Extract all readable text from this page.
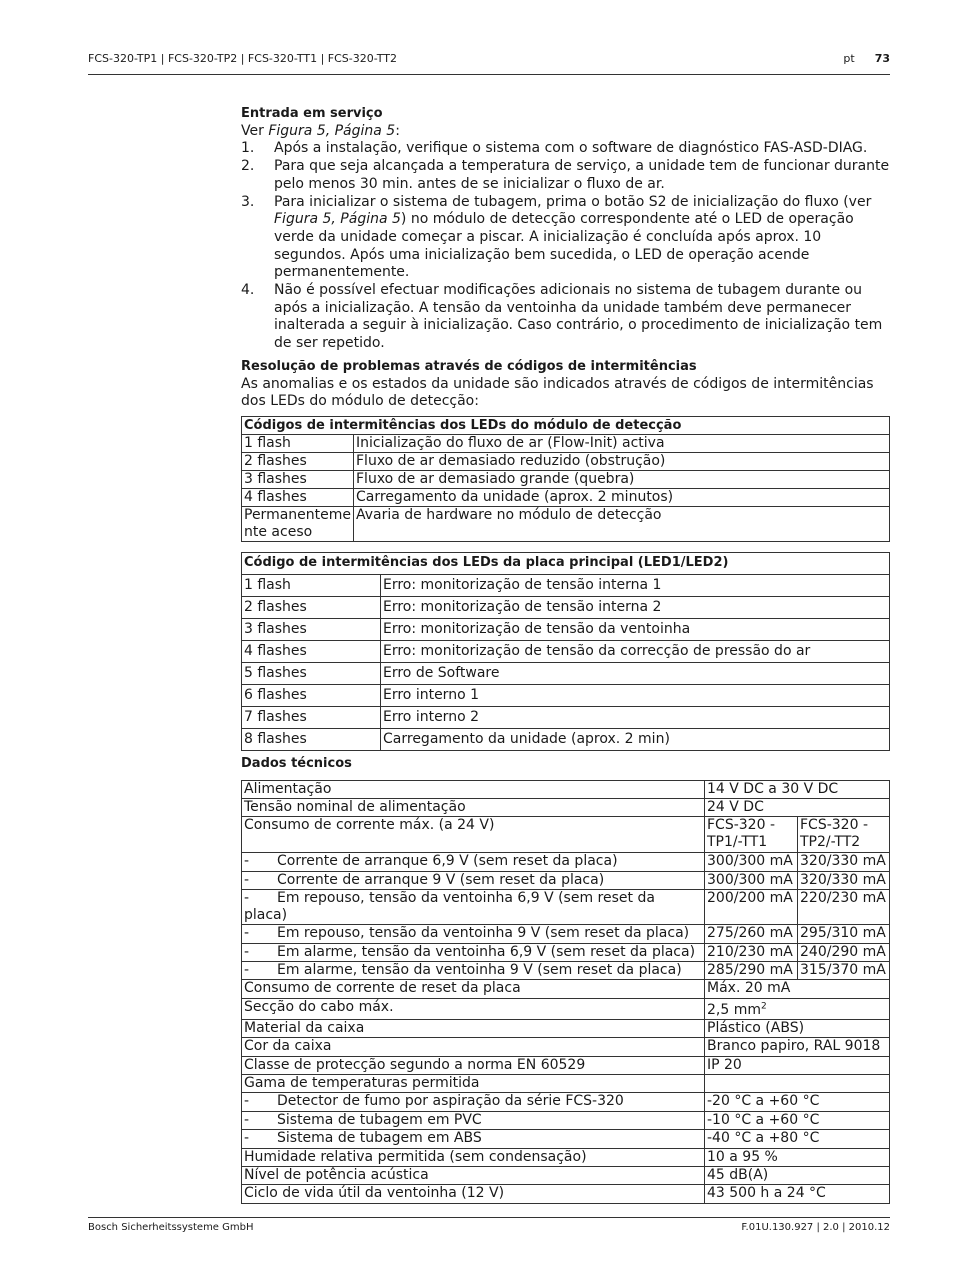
FCS-320-TP1 | FCS-320-TP2 | FCS-320-TT1 | FCS-320-TT2	pt 73
Entrada em serviço

Ver Figura 5, Página 5:

1. Após a instalação, verifique o sistema com o software de diagnóstico FAS-ASD-DIAG.
2. Para que seja alcançada a temperatura de serviço, a unidade tem de funcionar durante pelo menos 30 min. antes de se inicializar o fluxo de ar.
3. Para inicializar o sistema de tubagem, prima o botão S2 de inicialização do fluxo (ver Figura 5, Página 5) no módulo de detecção correspondente até o LED de operação verde da unidade começar a piscar. A inicialização é concluída após aprox. 10 segundos. Após uma inicialização bem sucedida, o LED de operação acende permanentemente.
4. Não é possível efectuar modificações adicionais no sistema de tubagem durante ou após a inicialização. A tensão da ventoinha da unidade também deve permanecer inalterada a seguir à inicialização. Caso contrário, o procedimento de inicialização tem de ser repetido.
Resolução de problemas através de códigos de intermitências

As anomalias e os estados da unidade são indicados através de códigos de intermitências dos LEDs do módulo de detecção:

Códigos de intermitências dos LEDs do módulo de detecção	
1 flash	Inicialização do fluxo de ar (Flow-Init) activa
2 flashes	Fluxo de ar demasiado reduzido (obstrução)
3 flashes	Fluxo de ar demasiado grande (quebra)
4 flashes	Carregamento da unidade (aprox. 2 minutos)
Permanenteme nte aceso	Avaria de hardware no módulo de detecção
Código de intermitências dos LEDs da placa principal (LED1/LED2)	
1 flash	Erro: monitorização de tensão interna 1
2 flashes	Erro: monitorização de tensão interna 2
3 flashes	Erro: monitorização de tensão da ventoinha
4 flashes	Erro: monitorização de tensão da correcção de pressão do ar
5 flashes	Erro de Software
6 flashes	Erro interno 1
7 flashes	Erro interno 2
8 flashes	Carregamento da unidade (aprox. 2 min)
Dados técnicos
Alimentação	14 V DC a 30 V DC	
Tensão nominal de alimentação	24 V DC	
Consumo de corrente máx. (a 24 V)	FCS-320 -TP1/-TT1	FCS-320 -TP2/-TT2
- Corrente de arranque 6,9 V (sem reset da placa)	300/300 mA	320/330 mA
- Corrente de arranque 9 V (sem reset da placa)	300/300 mA	320/330 mA
- Em repouso, tensão da ventoinha 6,9 V (sem reset da placa)	200/200 mA	220/230 mA
- Em repouso, tensão da ventoinha 9 V (sem reset da placa)	275/260 mA	295/310 mA
- Em alarme, tensão da ventoinha 6,9 V (sem reset da placa)	210/230 mA	240/290 mA
- Em alarme, tensão da ventoinha 9 V (sem reset da placa)	285/290 mA	315/370 mA
Consumo de corrente de reset da placa	Máx. 20 mA	
Secção do cabo máx.	2,5 $mm^2$
Material da caixa	Plástico (ABS)	
Cor da caixa	Branco papiro, RAL 9018	
Classe de protecção segundo a norma EN 60529	IP 20	
Gama de temperaturas permitida		
- Detector de fumo por aspiração da série FCS-320	-20 °C a +60 °C	
- Sistema de tubagem em PVC	-10 °C a +60 °C	
- Sistema de tubagem em ABS	-40 °C a +80 °C	
Humidade relativa permitida (sem condensação)	10 a 95 %	
Nível de potência acústica	45 dB(A)	
Ciclo de vida útil da ventoinha (12 V)	43 500 h a 24 °C	
Bosch Sicherheitssysteme GmbH	F.01U.130.927 | 2.0 | 2010.12
